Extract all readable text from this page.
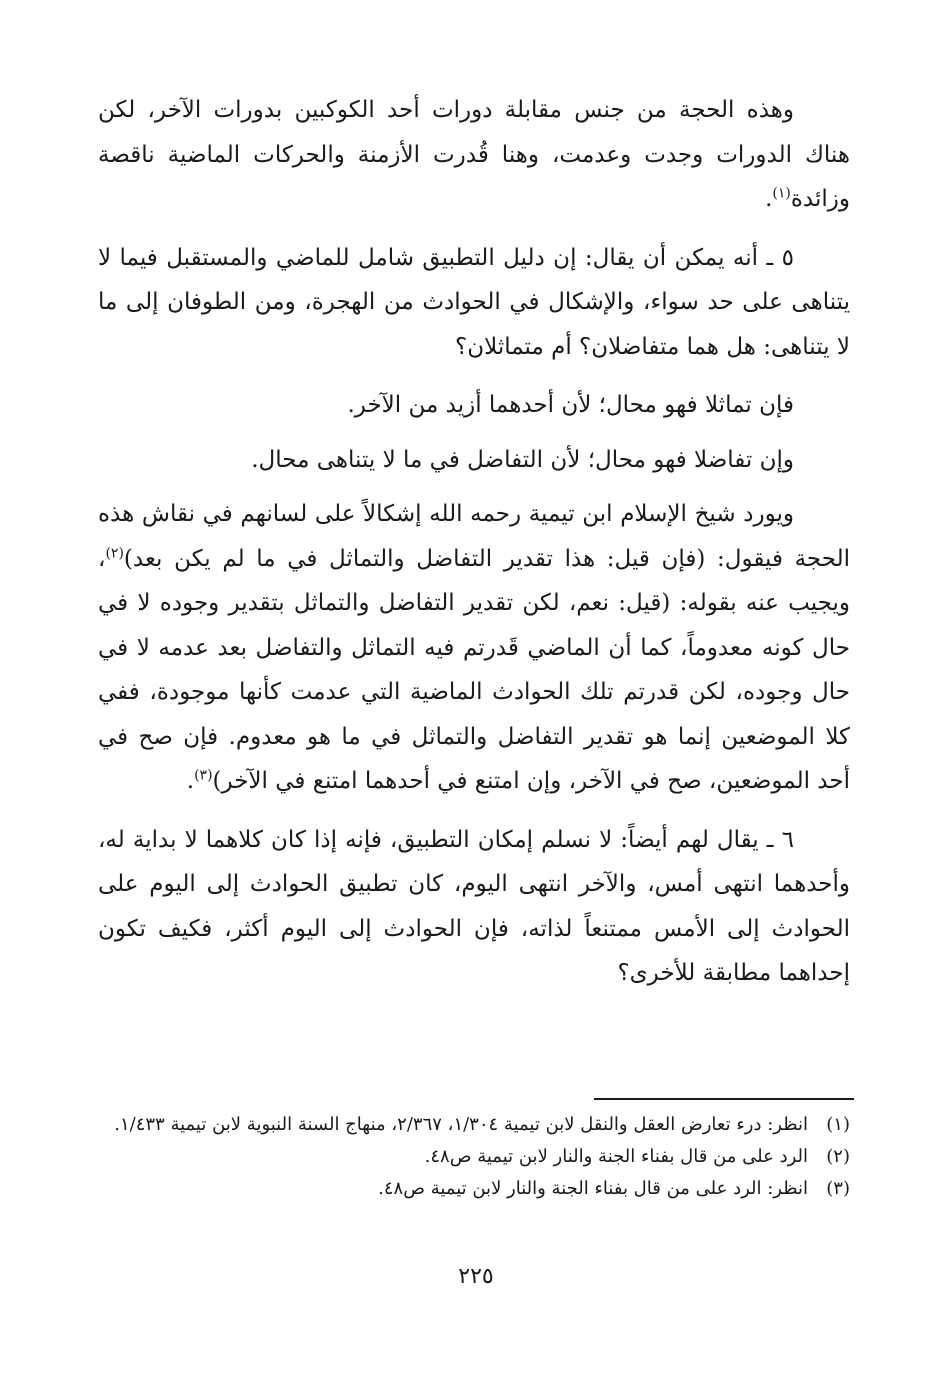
وهذه الحجة من جنس مقابلة دورات أحد الكوكبين بدورات الآخر، لكن هناك الدورات وجدت وعدمت، وهنا قُدرت الأزمنة والحركات الماضية ناقصة وزائدة$^{(١)}$.

٥ ـ أنه يمكن أن يقال: إن دليل التطبيق شامل للماضي والمستقبل فيما لا يتناهى على حد سواء، والإشكال في الحوادث من الهجرة، ومن الطوفان إلى ما لا يتناهى: هل هما متفاضلان؟ أم متماثلان؟

فإن تماثلا فهو محال؛ لأن أحدهما أزيد من الآخر.

وإن تفاضلا فهو محال؛ لأن التفاضل في ما لا يتناهى محال.

ويورد شيخ الإسلام ابن تيمية رحمه الله إشكالاً على لسانهم في نقاش هذه الحجة فيقول: (فإن قيل: هذا تقدير التفاضل والتماثل في ما لم يكن بعد)$^{(٢)}$، ويجيب عنه بقوله: (قيل: نعم، لكن تقدير التفاضل والتماثل بتقدير وجوده لا في حال كونه معدوماً، كما أن الماضي قَدرتم فيه التماثل والتفاضل بعد عدمه لا في حال وجوده، لكن قدرتم تلك الحوادث الماضية التي عدمت كأنها موجودة، ففي كلا الموضعين إنما هو تقدير التفاضل والتماثل في ما هو معدوم. فإن صح في أحد الموضعين، صح في الآخر، وإن امتنع في أحدهما امتنع في الآخر)$^{(٣)}$.

٦ ـ يقال لهم أيضاً: لا نسلم إمكان التطبيق، فإنه إذا كان كلاهما لا بداية له، وأحدهما انتهى أمس، والآخر انتهى اليوم، كان تطبيق الحوادث إلى اليوم على الحوادث إلى الأمس ممتنعاً لذاته، فإن الحوادث إلى اليوم أكثر، فكيف تكون إحداهما مطابقة للأخرى؟

(١)
انظر: درء تعارض العقل والنقل لابن تيمية ١/٣٠٤، ٢/٣٦٧، منهاج السنة النبوية لابن تيمية ١/٤٣٣.
(٢)
الرد على من قال بفناء الجنة والنار لابن تيمية ص٤٨.
(٣)
انظر: الرد على من قال بفناء الجنة والنار لابن تيمية ص٤٨.
٢٢٥
